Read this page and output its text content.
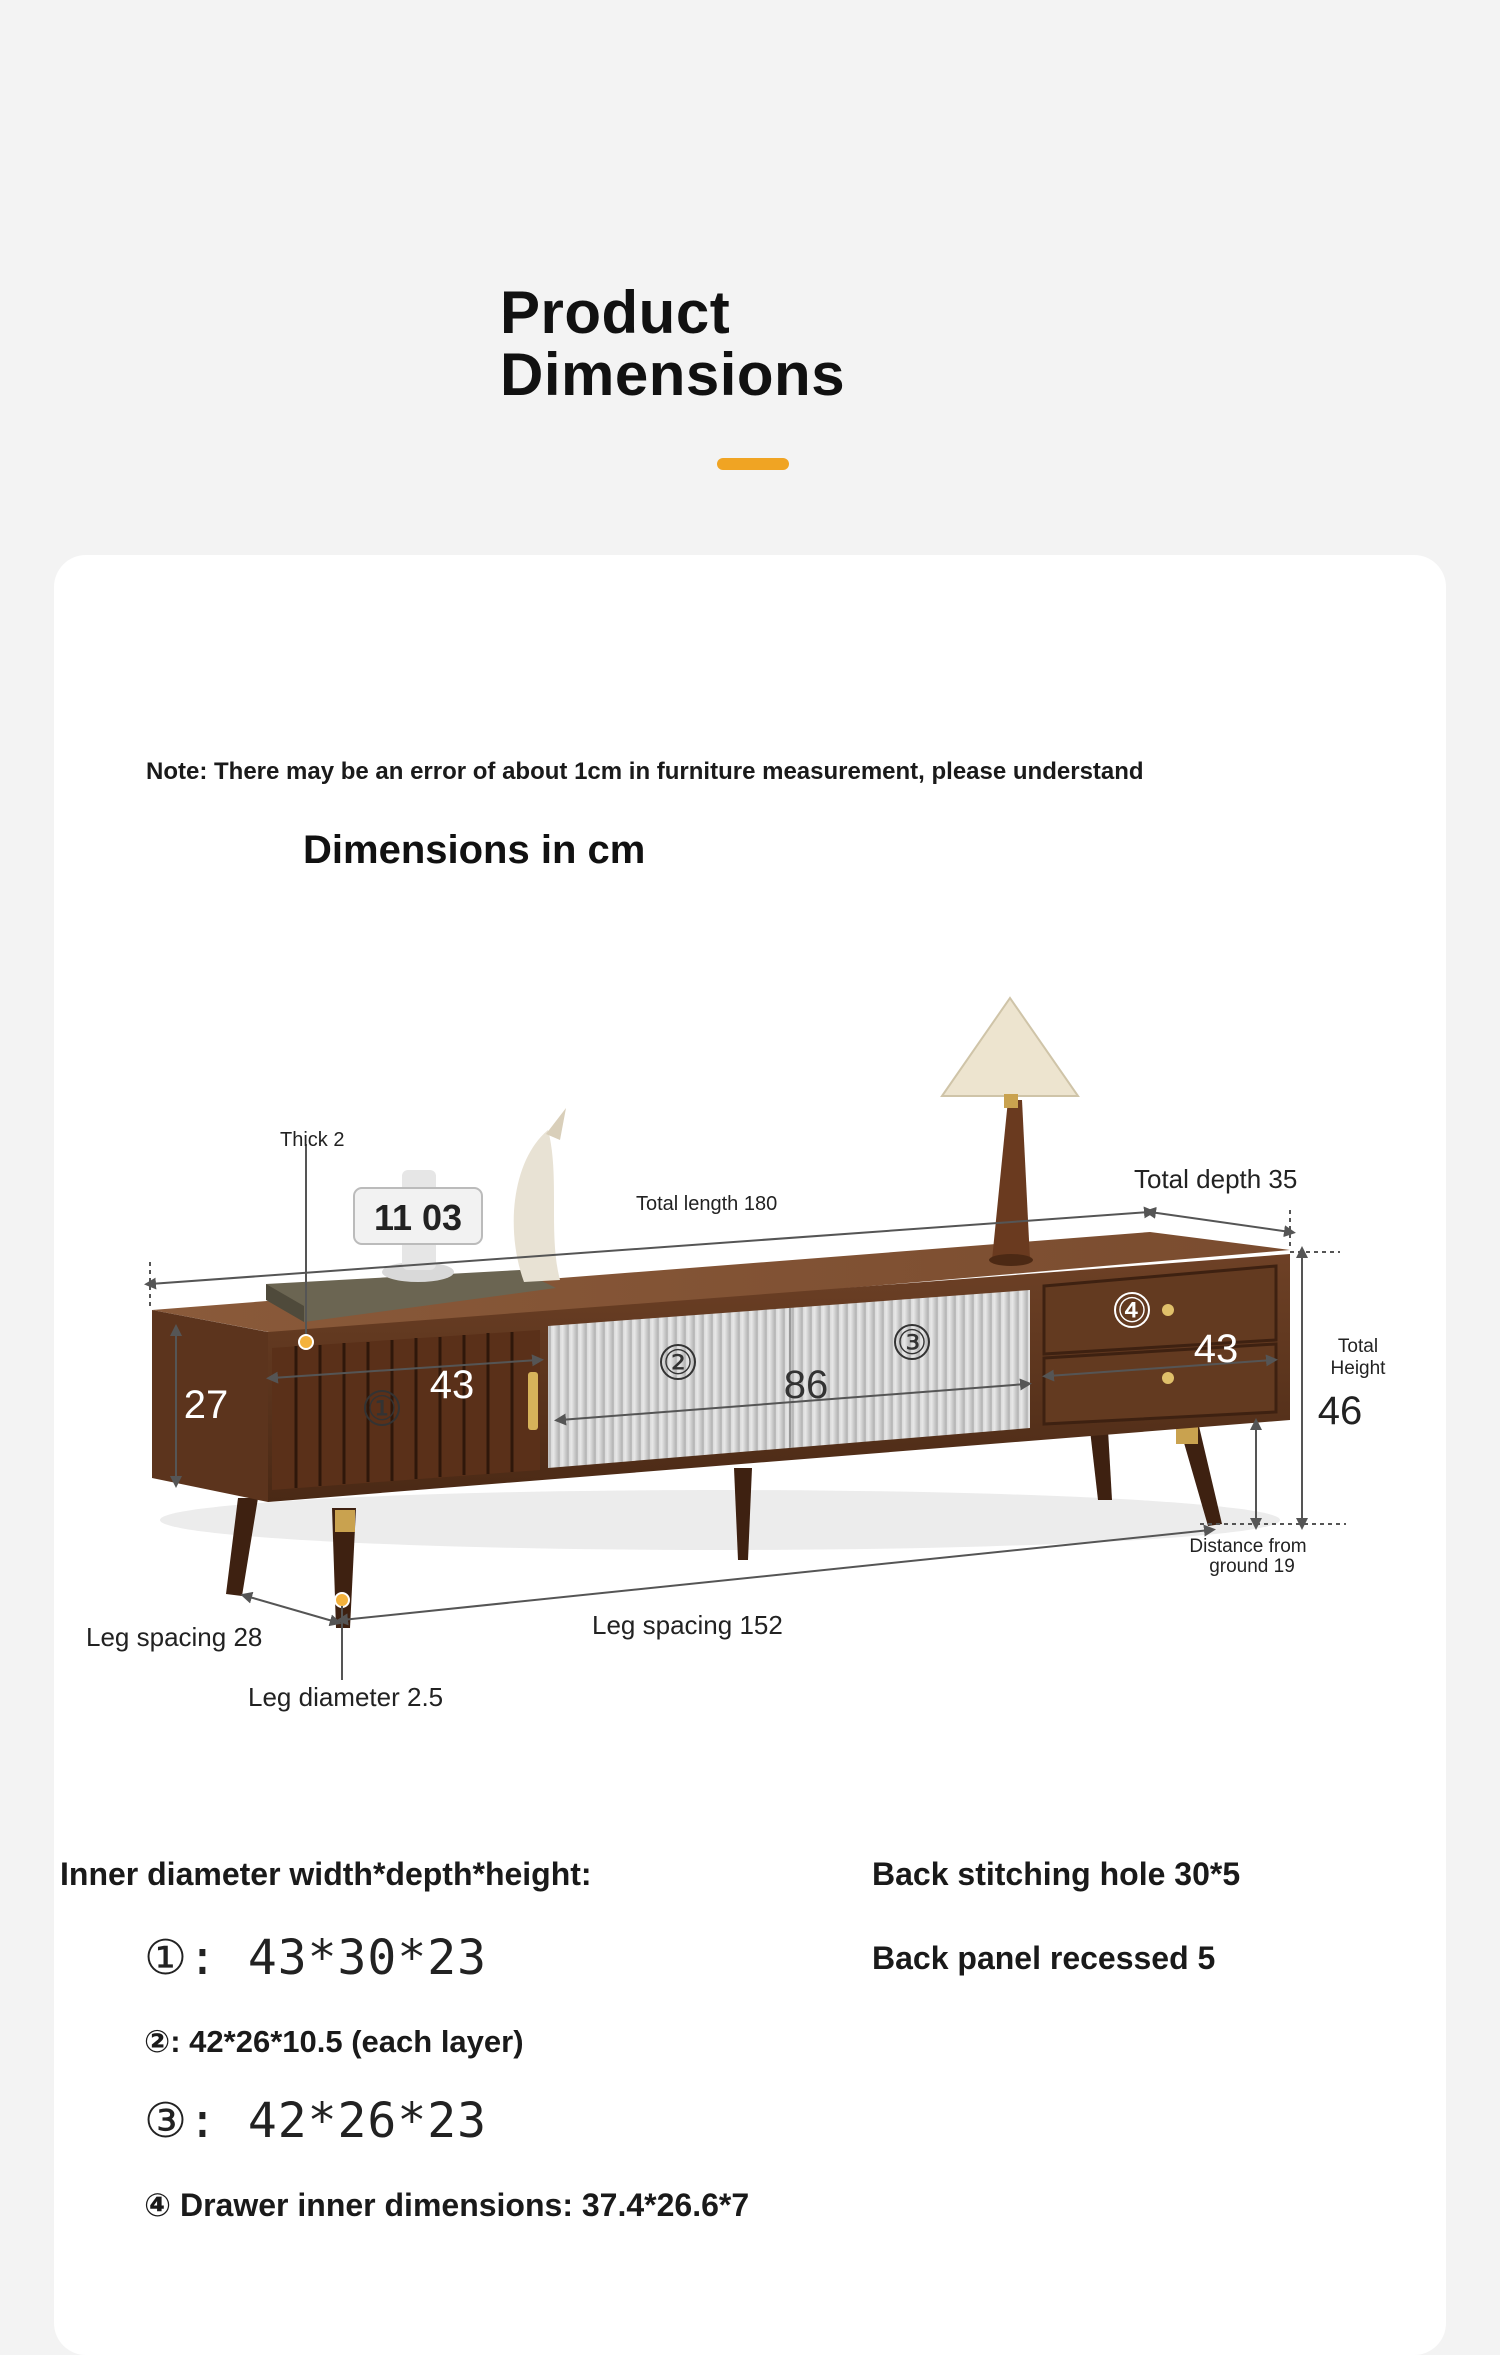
Product
Dimensions
Note: There may be an error of about 1cm in furniture measurement, please understand
Dimensions in cm
11 03
①
②
③
④
Thick 2
Total length 180
Total depth 35
Total
Height
46
27	43	86
43
Distance from
ground 19
Leg spacing 28	Leg spacing 152
Leg diameter 2.5
Inner diameter width*depth*height:
①: 43*30*23
②: 42*26*10.5 (each layer)
③: 42*26*23
④ Drawer inner dimensions: 37.4*26.6*7
Back stitching hole 30*5
Back panel recessed 5
